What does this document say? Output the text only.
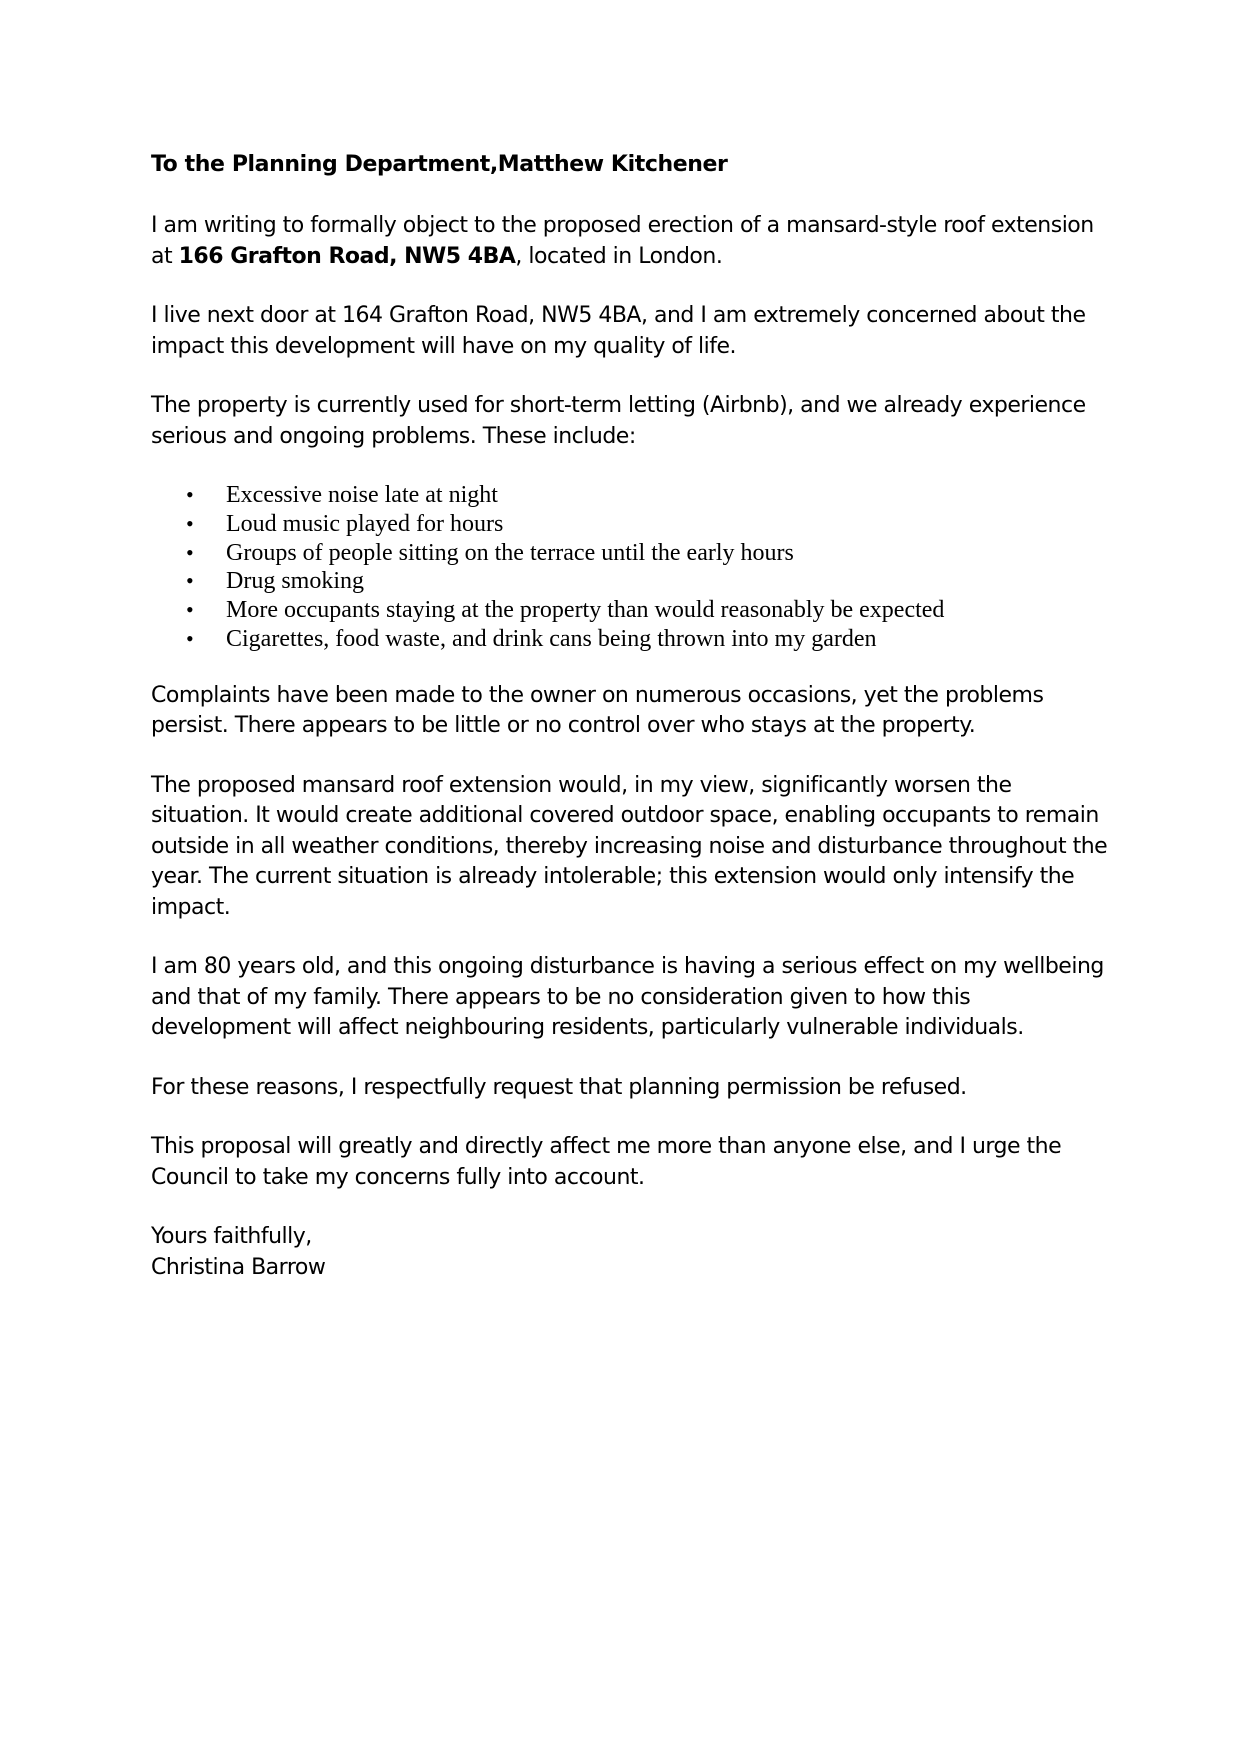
To the Planning Department,Matthew Kitchener

I am writing to formally object to the proposed erection of a mansard-style roof extension at 166 Grafton Road, NW5 4BA, located in London.

I live next door at 164 Grafton Road, NW5 4BA, and I am extremely concerned about the impact this development will have on my quality of life.

The property is currently used for short-term letting (Airbnb), and we already experience serious and ongoing problems. These include:

• Excessive noise late at night
• Loud music played for hours
• Groups of people sitting on the terrace until the early hours
• Drug smoking
• More occupants staying at the property than would reasonably be expected
• Cigarettes, food waste, and drink cans being thrown into my garden

Complaints have been made to the owner on numerous occasions, yet the problems persist. There appears to be little or no control over who stays at the property.

The proposed mansard roof extension would, in my view, significantly worsen the situation. It would create additional covered outdoor space, enabling occupants to remain outside in all weather conditions, thereby increasing noise and disturbance throughout the year. The current situation is already intolerable; this extension would only intensify the impact.

I am 80 years old, and this ongoing disturbance is having a serious effect on my wellbeing and that of my family. There appears to be no consideration given to how this development will affect neighbouring residents, particularly vulnerable individuals.

For these reasons, I respectfully request that planning permission be refused.

This proposal will greatly and directly affect me more than anyone else, and I urge the Council to take my concerns fully into account.

Yours faithfully,
Christina Barrow
